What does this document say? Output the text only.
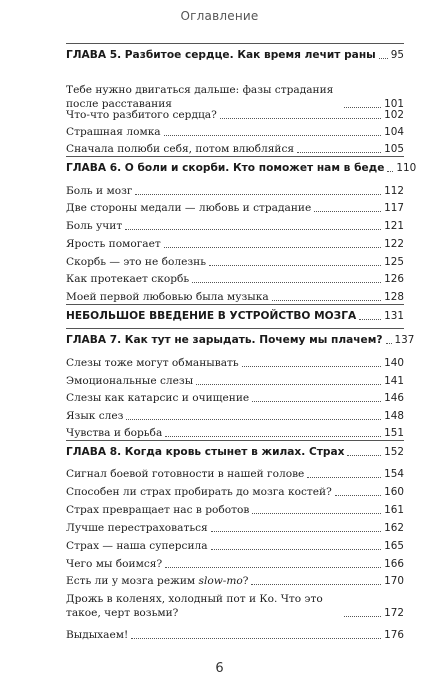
Оглавление
ГЛАВА 5. Разбитое сердце. Как время лечит раны 95
Тебе нужно двигаться дальше: фазы страдания после расставания	101
Что-что разбитого сердца?	102
Страшная ломка	104
Сначала полюби себя, потом влюбляйся	105
ГЛАВА 6. О боли и скорби. Кто поможет нам в беде 110
Боль и мозг	112
Две стороны медали — любовь и страдание	117
Боль учит	121
Ярость помогает	122
Скорбь — это не болезнь	125
Как протекает скорбь	126
Моей первой любовью была музыка	128
НЕБОЛЬШОЕ ВВЕДЕНИЕ В УСТРОЙСТВО МОЗГА	131
ГЛАВА 7. Как тут не зарыдать. Почему мы плачем? 137
Слезы тоже могут обманывать	140
Эмоциональные слезы	141
Слезы как катарсис и очищение	146
Язык слез	148
Чувства и борьба	151
ГЛАВА 8. Когда кровь стынет в жилах. Страх	152
Сигнал боевой готовности в нашей голове	154
Способен ли страх пробирать до мозга костей?	160
Страх превращает нас в роботов	161
Лучше перестраховаться	162
Страх — наша суперсила	165
Чего мы боимся?	166
Есть ли у мозга режим slow-mo?	170
Дрожь в коленях, холодный пот и Ко. Что это такое, черт возьми?	172
Выдыхаем!	176
6
